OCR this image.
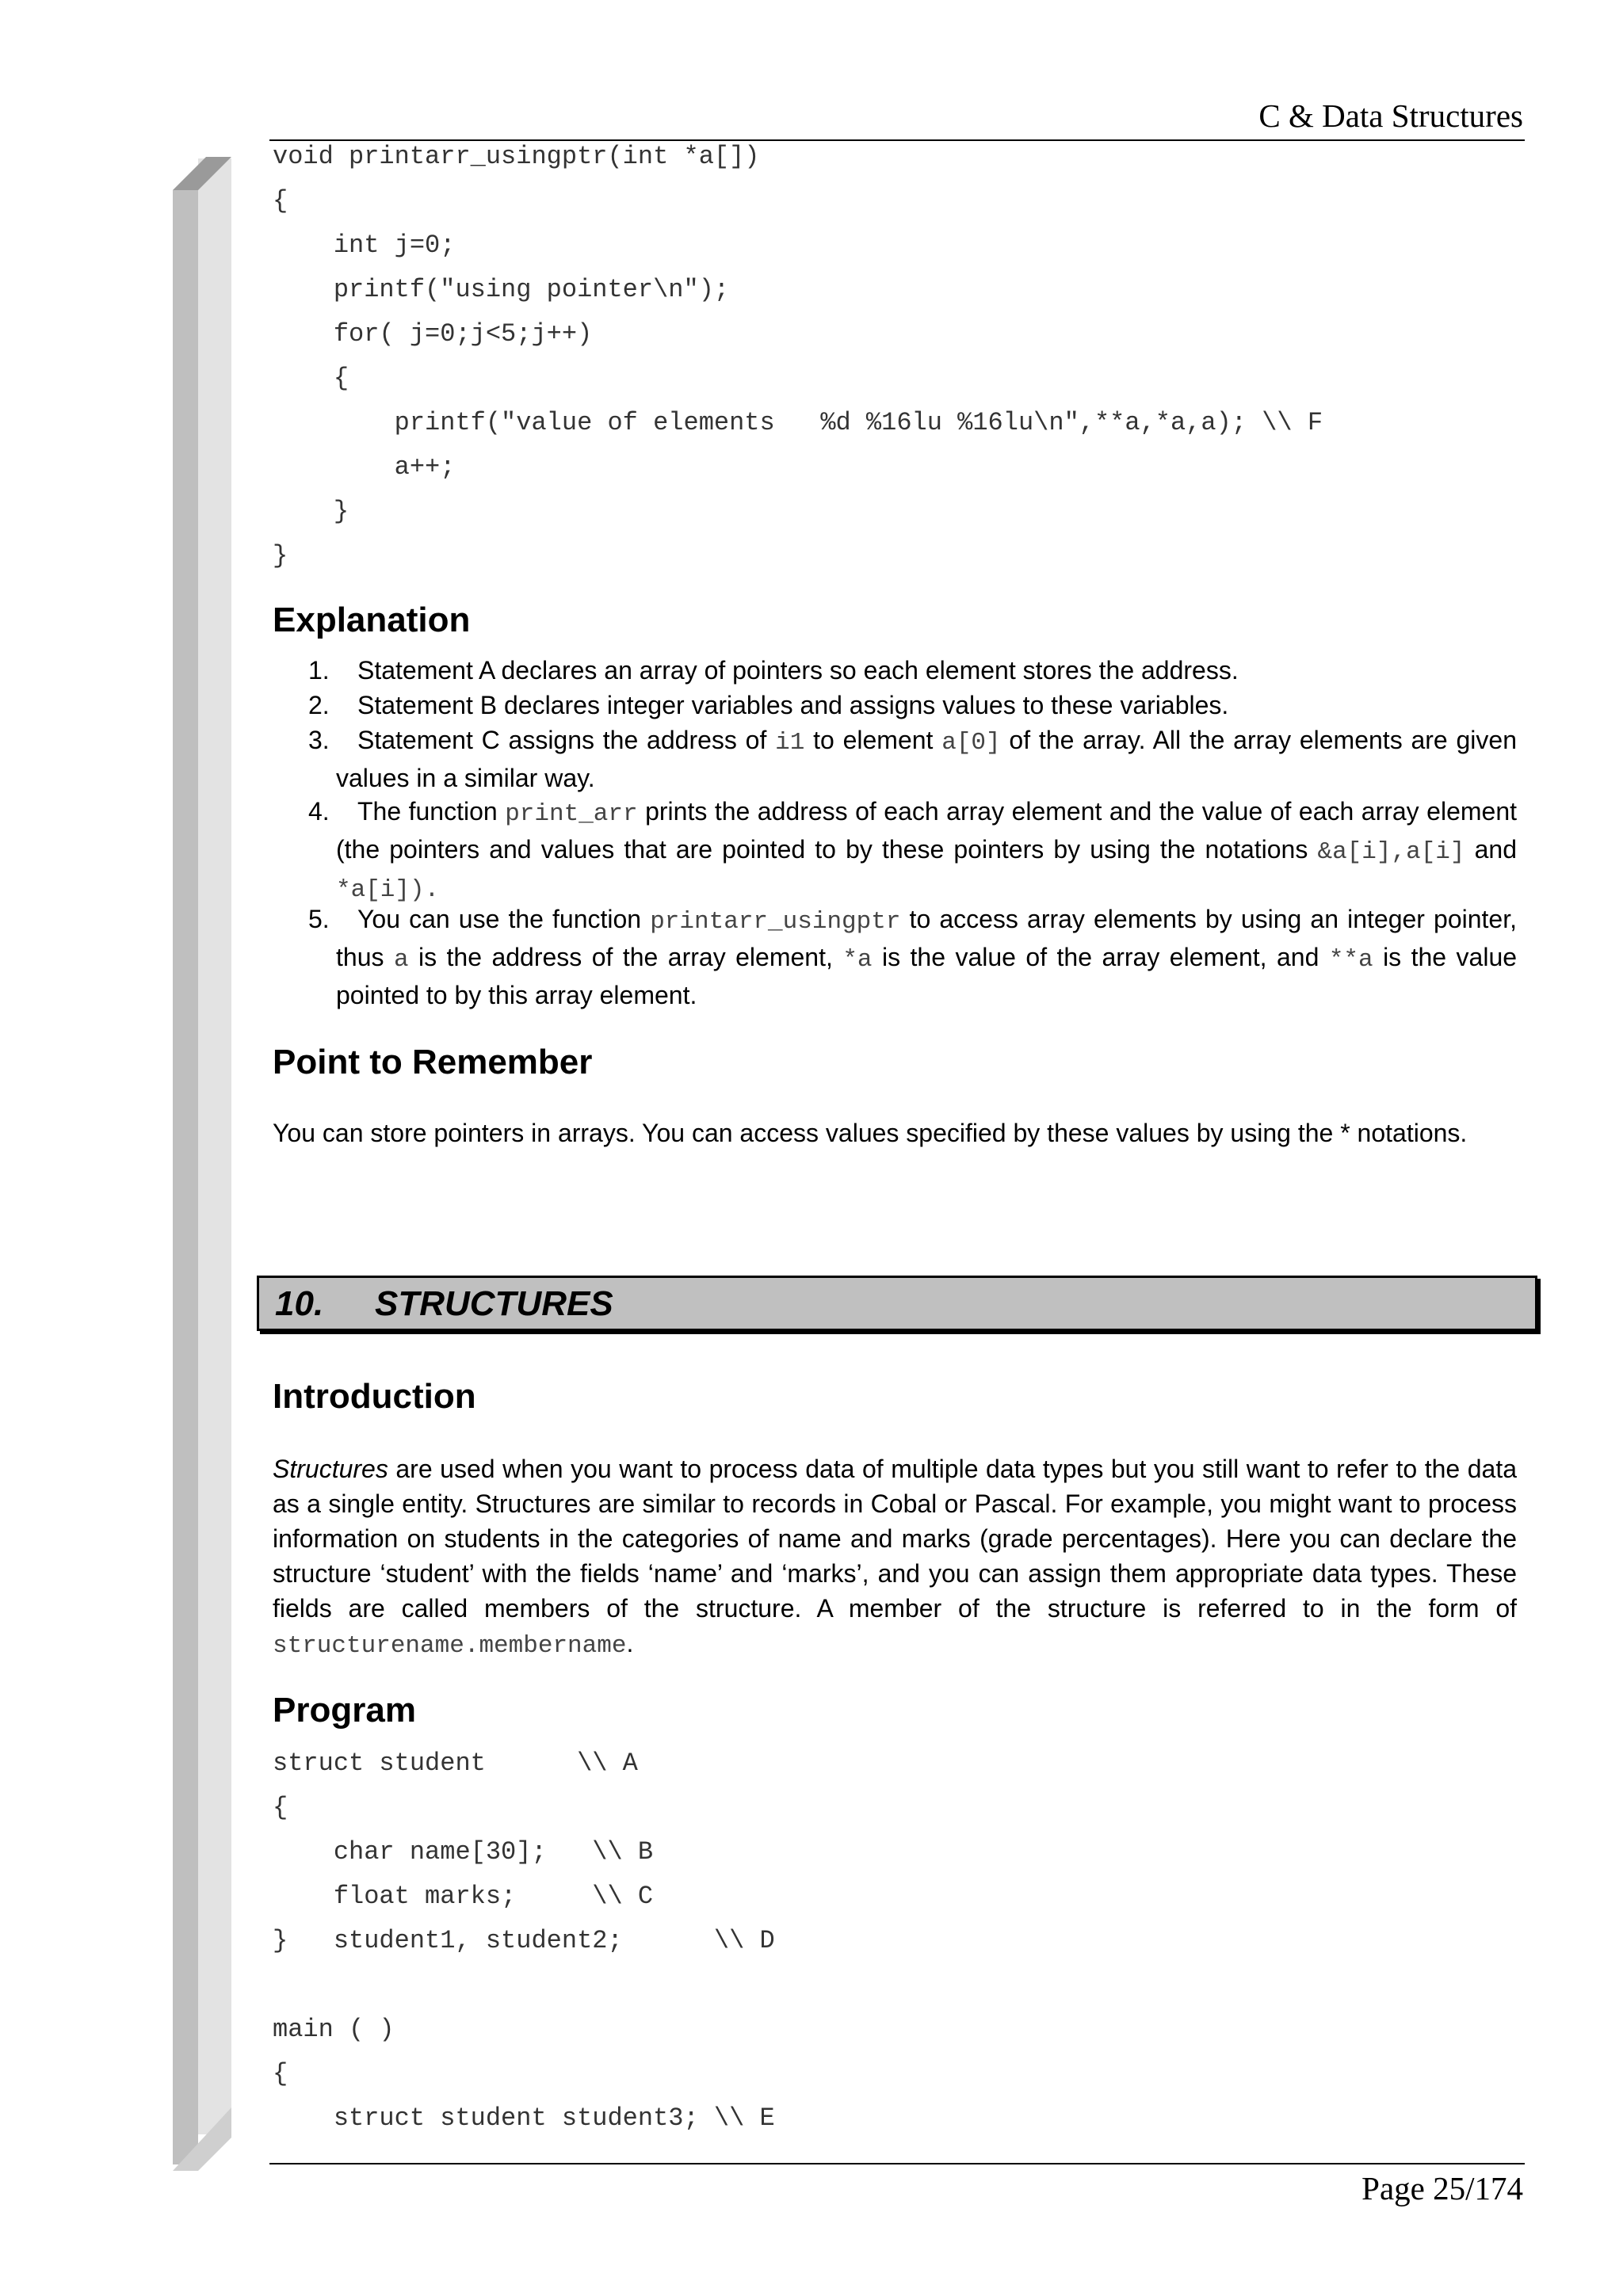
C & Data Structures

void printarr_usingptr(int *a[])

{

int j=0;

printf("using pointer\n");

for( j=0;j<5;j++)

{

printf("value of elements   %d %16lu %16lu\n",**a,*a,a); \\ F

a++;

}

}

Explanation
1. Statement A declares an array of pointers so each element stores the address.
2. Statement B declares integer variables and assigns values to these variables.
3.	Statement C assigns the address of i1 to element a[0] of the array. All the array elements are given values in a similar way.
4.	The function print_arr prints the address of each array element and the value of each array element (the pointers and values that are pointed to by these pointers by using the notations &a[i],a[i] and *a[i]).
5.	You can use the function printarr_usingptr to access array elements by using an integer pointer, thus a is the address of the array element, *a is the value of the array element, and **a is the value pointed to by this array element.
Point to Remember
You can store pointers in arrays. You can access values specified by these values by using the * notations.
10. STRUCTURES
Introduction
Structures are used when you want to process data of multiple data types but you still want to refer to the data as a single entity. Structures are similar to records in Cobal or Pascal. For example, you might want to process information on students in the categories of name and marks (grade percentages). Here you can declare the structure ‘student’ with the fields ‘name’ and ‘marks’, and you can assign them appropriate data types. These fields are called members of the structure. A member of the structure is referred to in the form of structurename.membername.
Program

struct student      \\ A

{

char name[30];   \\ B

float marks;     \\ C

}   student1, student2;      \\ D

main ( )

{

struct student student3; \\ E

Page 25/174
